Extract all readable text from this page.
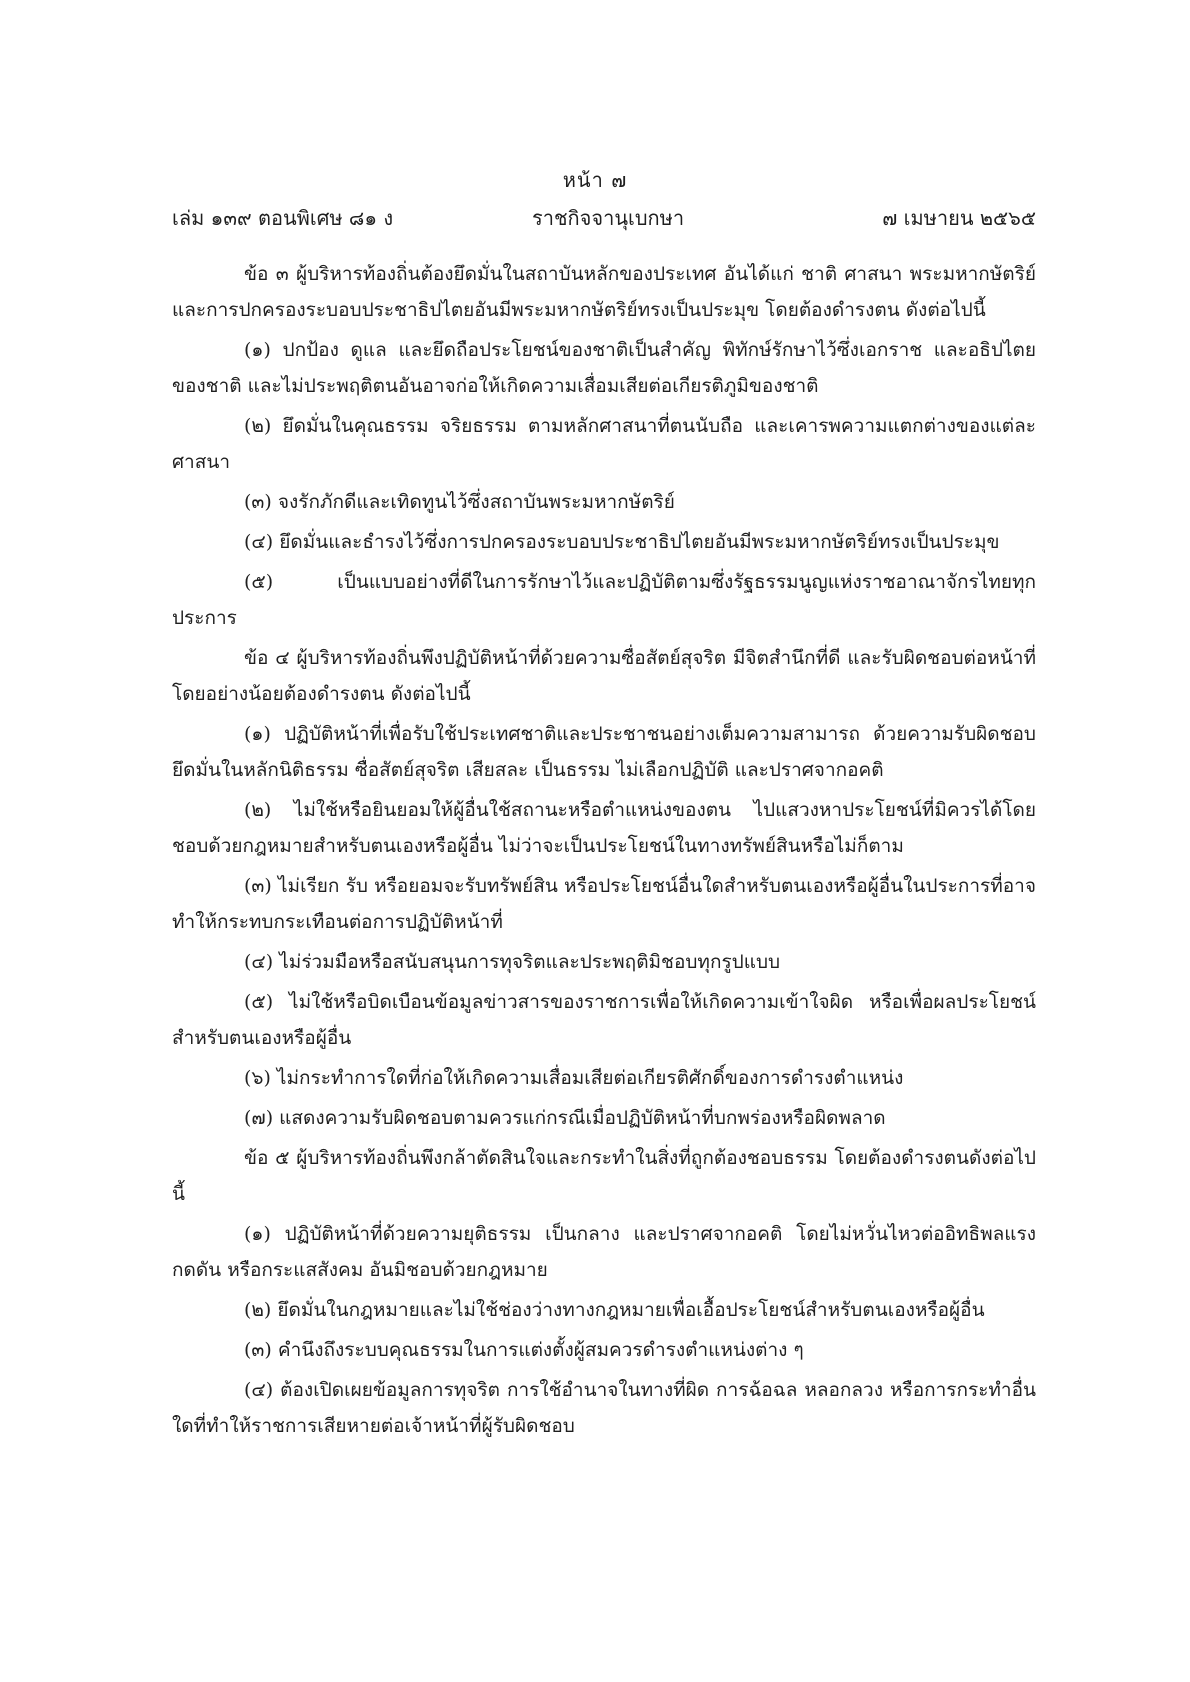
หน้า ๗
เล่ม ๑๓๙ ตอนพิเศษ ๘๑ ง	ราชกิจจานุเบกษา	๗ เมษายน ๒๕๖๕

ข้อ ๓ ผู้บริหารท้องถิ่นต้องยึดมั่นในสถาบันหลักของประเทศ อันได้แก่ ชาติ ศาสนา พระมหากษัตริย์ และการปกครองระบอบประชาธิปไตยอันมีพระมหากษัตริย์ทรงเป็นประมุข โดยต้องดำรงตน ดังต่อไปนี้

(๑) ปกป้อง ดูแล และยึดถือประโยชน์ของชาติเป็นสำคัญ พิทักษ์รักษาไว้ซึ่งเอกราช และอธิปไตยของชาติ และไม่ประพฤติตนอันอาจก่อให้เกิดความเสื่อมเสียต่อเกียรติภูมิของชาติ

(๒) ยึดมั่นในคุณธรรม จริยธรรม ตามหลักศาสนาที่ตนนับถือ และเคารพความแตกต่างของแต่ละศาสนา

(๓) จงรักภักดีและเทิดทูนไว้ซึ่งสถาบันพระมหากษัตริย์

(๔) ยึดมั่นและธำรงไว้ซึ่งการปกครองระบอบประชาธิปไตยอันมีพระมหากษัตริย์ทรงเป็นประมุข

(๕) เป็นแบบอย่างที่ดีในการรักษาไว้และปฏิบัติตามซึ่งรัฐธรรมนูญแห่งราชอาณาจักรไทยทุกประการ

ข้อ ๔ ผู้บริหารท้องถิ่นพึงปฏิบัติหน้าที่ด้วยความซื่อสัตย์สุจริต มีจิตสำนึกที่ดี และรับผิดชอบต่อหน้าที่ โดยอย่างน้อยต้องดำรงตน ดังต่อไปนี้

(๑) ปฏิบัติหน้าที่เพื่อรับใช้ประเทศชาติและประชาชนอย่างเต็มความสามารถ ด้วยความรับผิดชอบ ยึดมั่นในหลักนิติธรรม ซื่อสัตย์สุจริต เสียสละ เป็นธรรม ไม่เลือกปฏิบัติ และปราศจากอคติ

(๒) ไม่ใช้หรือยินยอมให้ผู้อื่นใช้สถานะหรือตำแหน่งของตน ไปแสวงหาประโยชน์ที่มิควรได้โดยชอบด้วยกฎหมายสำหรับตนเองหรือผู้อื่น ไม่ว่าจะเป็นประโยชน์ในทางทรัพย์สินหรือไม่ก็ตาม

(๓) ไม่เรียก รับ หรือยอมจะรับทรัพย์สิน หรือประโยชน์อื่นใดสำหรับตนเองหรือผู้อื่นในประการที่อาจทำให้กระทบกระเทือนต่อการปฏิบัติหน้าที่

(๔) ไม่ร่วมมือหรือสนับสนุนการทุจริตและประพฤติมิชอบทุกรูปแบบ

(๕) ไม่ใช้หรือบิดเบือนข้อมูลข่าวสารของราชการเพื่อให้เกิดความเข้าใจผิด หรือเพื่อผลประโยชน์สำหรับตนเองหรือผู้อื่น

(๖) ไม่กระทำการใดที่ก่อให้เกิดความเสื่อมเสียต่อเกียรติศักดิ์ของการดำรงตำแหน่ง

(๗) แสดงความรับผิดชอบตามควรแก่กรณีเมื่อปฏิบัติหน้าที่บกพร่องหรือผิดพลาด

ข้อ ๕ ผู้บริหารท้องถิ่นพึงกล้าตัดสินใจและกระทำในสิ่งที่ถูกต้องชอบธรรม โดยต้องดำรงตนดังต่อไปนี้

(๑) ปฏิบัติหน้าที่ด้วยความยุติธรรม เป็นกลาง และปราศจากอคติ โดยไม่หวั่นไหวต่ออิทธิพลแรงกดดัน หรือกระแสสังคม อันมิชอบด้วยกฎหมาย

(๒) ยึดมั่นในกฎหมายและไม่ใช้ช่องว่างทางกฎหมายเพื่อเอื้อประโยชน์สำหรับตนเองหรือผู้อื่น

(๓) คำนึงถึงระบบคุณธรรมในการแต่งตั้งผู้สมควรดำรงตำแหน่งต่าง ๆ

(๔) ต้องเปิดเผยข้อมูลการทุจริต การใช้อำนาจในทางที่ผิด การฉ้อฉล หลอกลวง หรือการกระทำอื่นใดที่ทำให้ราชการเสียหายต่อเจ้าหน้าที่ผู้รับผิดชอบ
